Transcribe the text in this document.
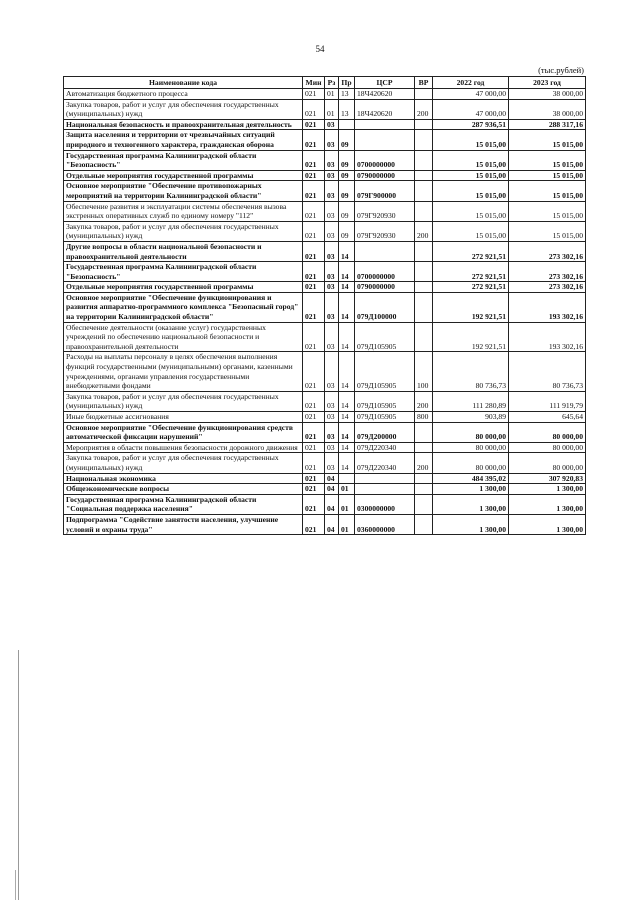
54
(тыс.рублей)
Наименование кода	Мин	Рз	Пр	ЦСР	ВР	2022 год	2023 год
Автоматизация бюджетного процесса	021	01	13	18Ч420620		47 000,00	38 000,00
Закупка товаров, работ и услуг для обеспечения государственных (муниципальных) нужд	021	01	13	18Ч420620	200	47 000,00	38 000,00
Национальная безопасность и правоохранительная деятельность	021	03				287 936,51	288 317,16
Защита населения и территории от чрезвычайных ситуаций природного и техногенного характера, гражданская оборона	021	03	09			15 015,00	15 015,00
Государственная программа Калининградской области "Безопасность"	021	03	09	0700000000		15 015,00	15 015,00
Отдельные мероприятия государственной программы	021	03	09	0790000000		15 015,00	15 015,00
Основное мероприятие "Обеспечение противопожарных мероприятий на территории Калининградской области"	021	03	09	079Г900000		15 015,00	15 015,00
Обеспечение развития и эксплуатации системы обеспечения вызова экстренных оперативных служб по единому номеру "112"	021	03	09	079Г920930		15 015,00	15 015,00
Закупка товаров, работ и услуг для обеспечения государственных (муниципальных) нужд	021	03	09	079Г920930	200	15 015,00	15 015,00
Другие вопросы в области национальной безопасности и правоохранительной деятельности	021	03	14			272 921,51	273 302,16
Государственная программа Калининградской области "Безопасность"	021	03	14	0700000000		272 921,51	273 302,16
Отдельные мероприятия государственной программы	021	03	14	0790000000		272 921,51	273 302,16
Основное мероприятие "Обеспечение функционирования и развития аппаратно-программного комплекса "Безопасный город" на территории Калининградской области"	021	03	14	079Д100000		192 921,51	193 302,16
Обеспечение деятельности (оказание услуг) государственных учреждений по обеспечению национальной безопасности и правоохранительной деятельности	021	03	14	079Д105905		192 921,51	193 302,16
Расходы на выплаты персоналу в целях обеспечения выполнения функций государственными (муниципальными) органами, казенными учреждениями, органами управления государственными внебюджетными фондами	021	03	14	079Д105905	100	80 736,73	80 736,73
Закупка товаров, работ и услуг для обеспечения государственных (муниципальных) нужд	021	03	14	079Д105905	200	111 280,89	111 919,79
Иные бюджетные ассигнования	021	03	14	079Д105905	800	903,89	645,64
Основное мероприятие "Обеспечение функционирования средств автоматической фиксации нарушений"	021	03	14	079Д200000		80 000,00	80 000,00
Мероприятия в области повышения безопасности дорожного движения	021	03	14	079Д220340		80 000,00	80 000,00
Закупка товаров, работ и услуг для обеспечения государственных (муниципальных) нужд	021	03	14	079Д220340	200	80 000,00	80 000,00
Национальная экономика	021	04				484 395,02	307 920,83
Общеэкономические вопросы	021	04	01			1 300,00	1 300,00
Государственная программа Калининградской области "Социальная поддержка населения"	021	04	01	0300000000		1 300,00	1 300,00
Подпрограмма "Содействие занятости населения, улучшение условий и охраны труда"	021	04	01	0360000000		1 300,00	1 300,00
